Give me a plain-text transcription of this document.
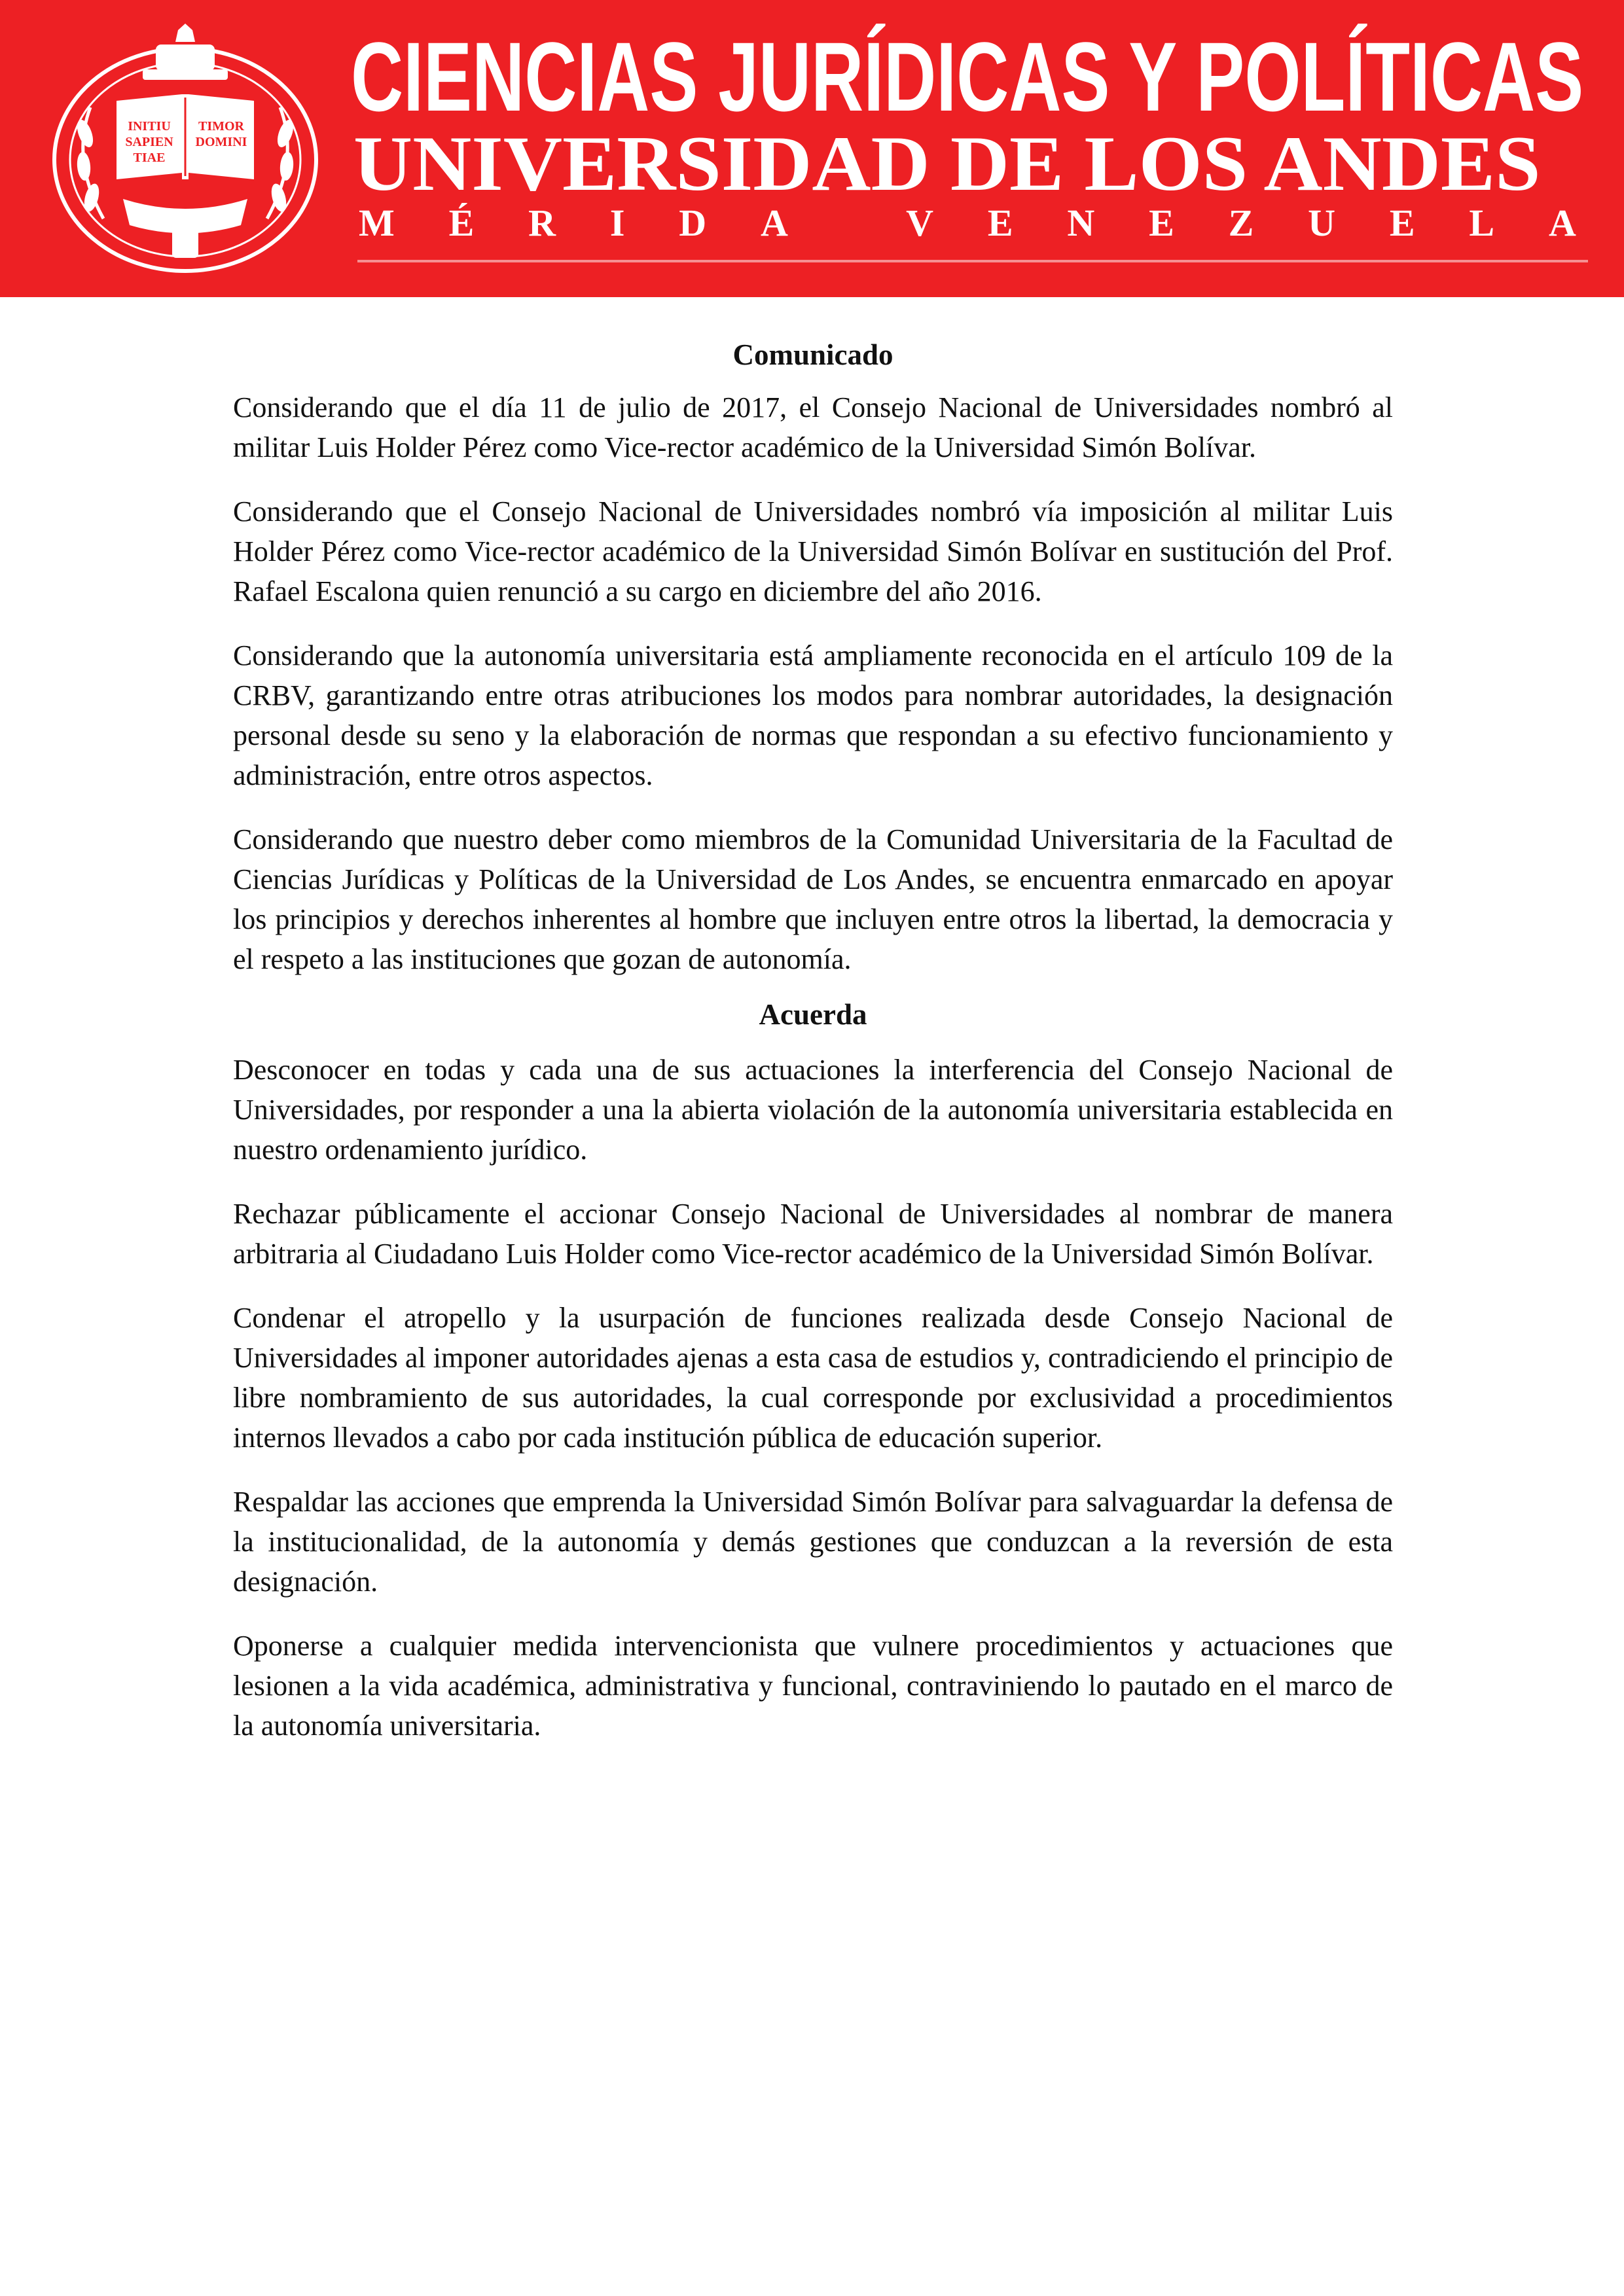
INITIU SAPIEN TIAE
TIMOR DOMINI
CIENCIAS JURÍDICAS Y POLÍTICAS
UNIVERSIDAD DE LOS ANDES
M É R I D A
	V E N E Z U E L A
Comunicado

Considerando que el día 11 de julio de 2017, el Consejo Nacional de Universidades nombró al militar Luis Holder Pérez como Vice-rector académico de la Universidad Simón Bolívar.

Considerando que el Consejo Nacional de Universidades nombró vía imposición al militar Luis Holder Pérez como Vice-rector académico de la Universidad Simón Bolívar en sustitución del Prof. Rafael Escalona quien renunció a su cargo en diciembre del año 2016.

Considerando que la autonomía universitaria está ampliamente reconocida en el artículo 109 de la CRBV, garantizando entre otras atribuciones los modos para nombrar autoridades, la designación personal desde su seno y la elaboración de normas que respondan a su efectivo funcionamiento y administración, entre otros aspectos.

Considerando que nuestro deber como miembros de la Comunidad Universitaria de la Facultad de Ciencias Jurídicas y Políticas de la Universidad de Los Andes, se encuentra enmarcado en apoyar los principios y derechos inherentes al hombre que incluyen entre otros la libertad, la democracia y el respeto a las instituciones que gozan de autonomía.

Acuerda

Desconocer en todas y cada una de sus actuaciones la interferencia del Consejo Nacional de Universidades, por responder a una la abierta violación de la autonomía universitaria establecida en nuestro ordenamiento jurídico.

Rechazar públicamente el accionar Consejo Nacional de Universidades al nombrar de manera arbitraria al Ciudadano Luis Holder como Vice-rector académico de la Universidad Simón Bolívar.

Condenar el atropello y la usurpación de funciones realizada desde Consejo Nacional de Universidades al imponer autoridades ajenas a esta casa de estudios y, contradiciendo el principio de libre nombramiento de sus autoridades, la cual corresponde por exclusividad a procedimientos internos llevados a cabo por cada institución pública de educación superior.

Respaldar las acciones que emprenda la Universidad Simón Bolívar para salvaguardar la defensa de la institucionalidad, de la autonomía y demás gestiones que conduzcan a la reversión de esta designación.

Oponerse a cualquier medida intervencionista que vulnere procedimientos y actuaciones que lesionen a la vida académica, administrativa y funcional, contraviniendo lo pautado en el marco de la autonomía universitaria.
